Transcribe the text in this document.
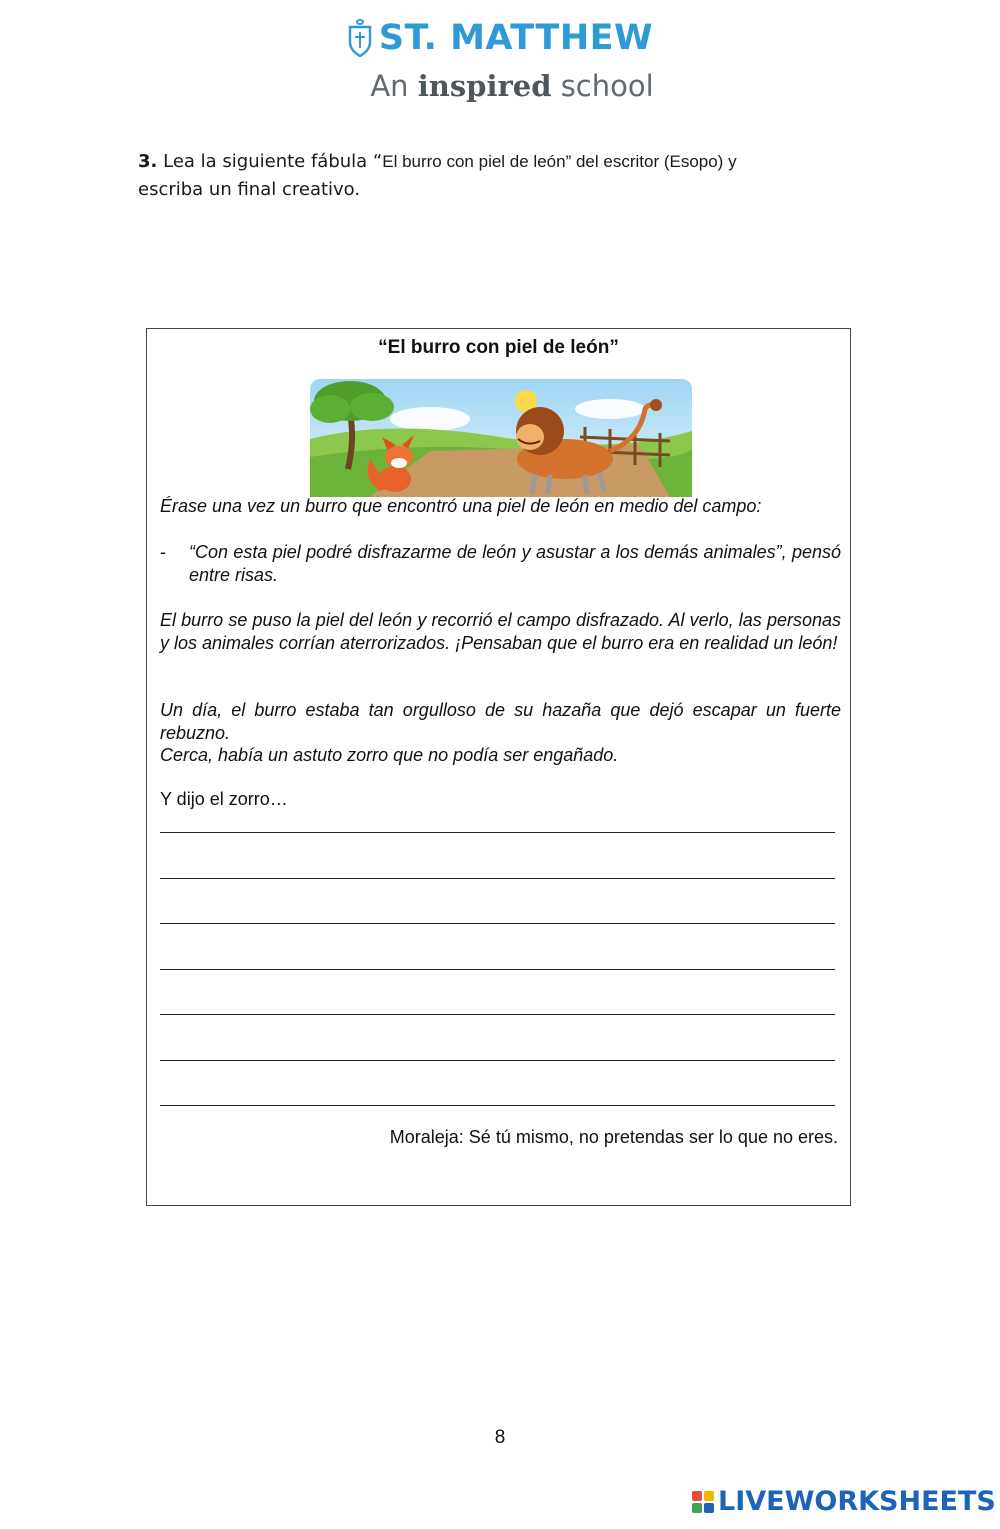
ST. MATTHEW
An inspired school
3. Lea la siguiente fábula “El burro con piel de león” del escritor (Esopo) y
escriba un final creativo.
“El burro con piel de león”
Érase una vez un burro que encontró una piel de león en medio del campo:
- “Con esta piel podré disfrazarme de león y asustar a los demás animales”, pensó entre risas.
El burro se puso la piel del león y recorrió el campo disfrazado. Al verlo, las personas y los animales corrían aterrorizados. ¡Pensaban que el burro era en realidad un león!
Un día, el burro estaba tan orgulloso de su hazaña que dejó escapar un fuerte rebuzno.
Cerca, había un astuto zorro que no podía ser engañado.
Y dijo el zorro…
Moraleja: Sé tú mismo, no pretendas ser lo que no eres.
8
LIVEWORKSHEETS
